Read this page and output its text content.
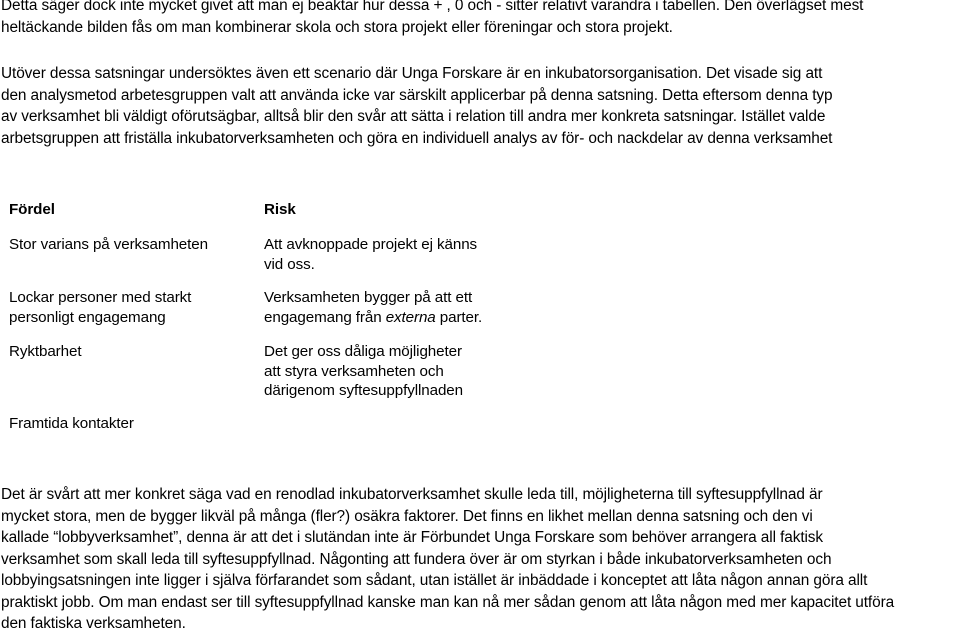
Detta säger dock inte mycket givet att man ej beaktar hur dessa + , 0 och - sitter relativt varandra i tabellen. Den överlägset mest
heltäckande bilden fås om man kombinerar skola och stora projekt eller föreningar och stora projekt.

Utöver dessa satsningar undersöktes även ett scenario där Unga Forskare är en inkubatorsorganisation. Det visade sig att
den analysmetod arbetesgruppen valt att använda icke var särskilt applicerbar på denna satsning. Detta eftersom denna typ
av verksamhet bli väldigt oförutsägbar, alltså blir den svår att sätta i relation till andra mer konkreta satsningar. Istället valde
arbetsgruppen att friställa inkubatorverksamheten och göra en individuell analys av för- och nackdelar av denna verksamhet

Fördel	Risk
Stor varians på verksamheten
Lockar personer med starkt
personligt engagemang
Ryktbarhet
Framtida kontakter
Att avknoppade projekt ej känns
vid oss.
Verksamheten bygger på att ett
engagemang från externa parter.
Det ger oss dåliga möjligheter
att styra verksamheten och
därigenom syftesuppfyllnaden

Det är svårt att mer konkret säga vad en renodlad inkubatorverksamhet skulle leda till, möjligheterna till syftesuppfyllnad är
mycket stora, men de bygger likväl på många (fler?) osäkra faktorer. Det finns en likhet mellan denna satsning och den vi
kallade “lobbyverksamhet”, denna är att det i slutändan inte är Förbundet Unga Forskare som behöver arrangera all faktisk
verksamhet som skall leda till syftesuppfyllnad. Någonting att fundera över är om styrkan i både inkubatorverksamheten och
lobbyingsatsningen inte ligger i själva förfarandet som sådant, utan istället är inbäddade i konceptet att låta någon annan göra allt
praktiskt jobb. Om man endast ser till syftesuppfyllnad kanske man kan nå mer sådan genom att låta någon med mer kapacitet utföra
den faktiska verksamheten.
